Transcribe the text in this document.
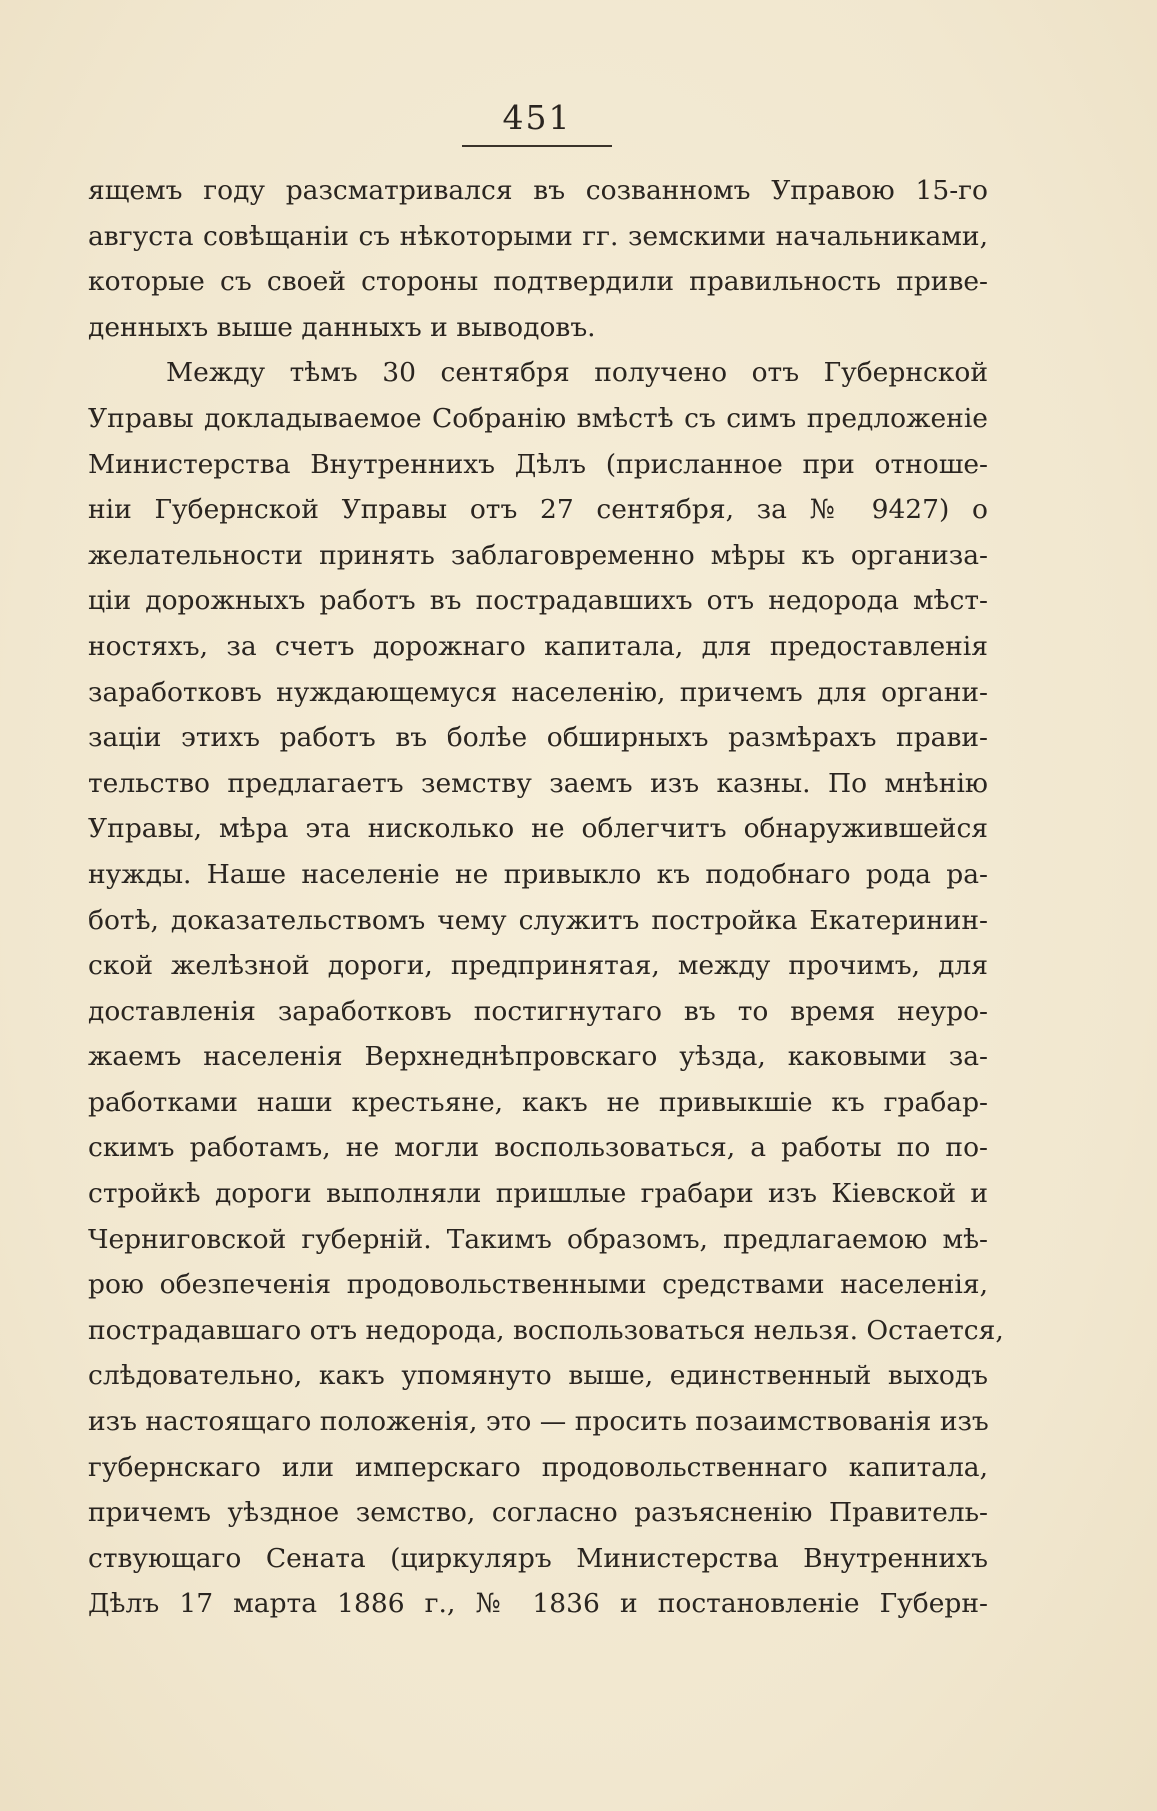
451
ящемъ году разсматривался въ созванномъ Управою 15-го
августа совѣщаніи съ нѣкоторыми гг. земскими начальниками,
которые съ своей стороны подтвердили правильность приве-
денныхъ выше данныхъ и выводовъ.
Между тѣмъ 30 сентября получено отъ Губернской
Управы докладываемое Собранію вмѣстѣ съ симъ предложеніе
Министерства Внутреннихъ Дѣлъ (присланное при отноше-
ніи Губернской Управы отъ 27 сентября, за № 9427) о
желательности принять заблаговременно мѣры къ организа-
ціи дорожныхъ работъ въ пострадавшихъ отъ недорода мѣст-
ностяхъ, за счетъ дорожнаго капитала, для предоставленія
заработковъ нуждающемуся населенію, причемъ для органи-
заціи этихъ работъ въ болѣе обширныхъ размѣрахъ прави-
тельство предлагаетъ земству заемъ изъ казны. По мнѣнію
Управы, мѣра эта нисколько не облегчитъ обнаружившейся
нужды. Наше населеніе не привыкло къ подобнаго рода ра-
ботѣ, доказательствомъ чему служитъ постройка Екатеринин-
ской желѣзной дороги, предпринятая, между прочимъ, для
доставленія заработковъ постигнутаго въ то время неуро-
жаемъ населенія Верхнеднѣпровскаго уѣзда, каковыми за-
работками наши крестьяне, какъ не привыкшіе къ грабар-
скимъ работамъ, не могли воспользоваться, а работы по по-
стройкѣ дороги выполняли пришлые грабари изъ Кіевской и
Черниговской губерній. Такимъ образомъ, предлагаемою мѣ-
рою обезпеченія продовольственными средствами населенія,
пострадавшаго отъ недорода, воспользоваться нельзя. Остается,
слѣдовательно, какъ упомянуто выше, единственный выходъ
изъ настоящаго положенія, это — просить позаимствованія изъ
губернскаго или имперскаго продовольственнаго капитала,
причемъ уѣздное земство, согласно разъясненію Правитель-
ствующаго Сената (циркуляръ Министерства Внутреннихъ
Дѣлъ 17 марта 1886 г., № 1836 и постановленіе Губерн-
